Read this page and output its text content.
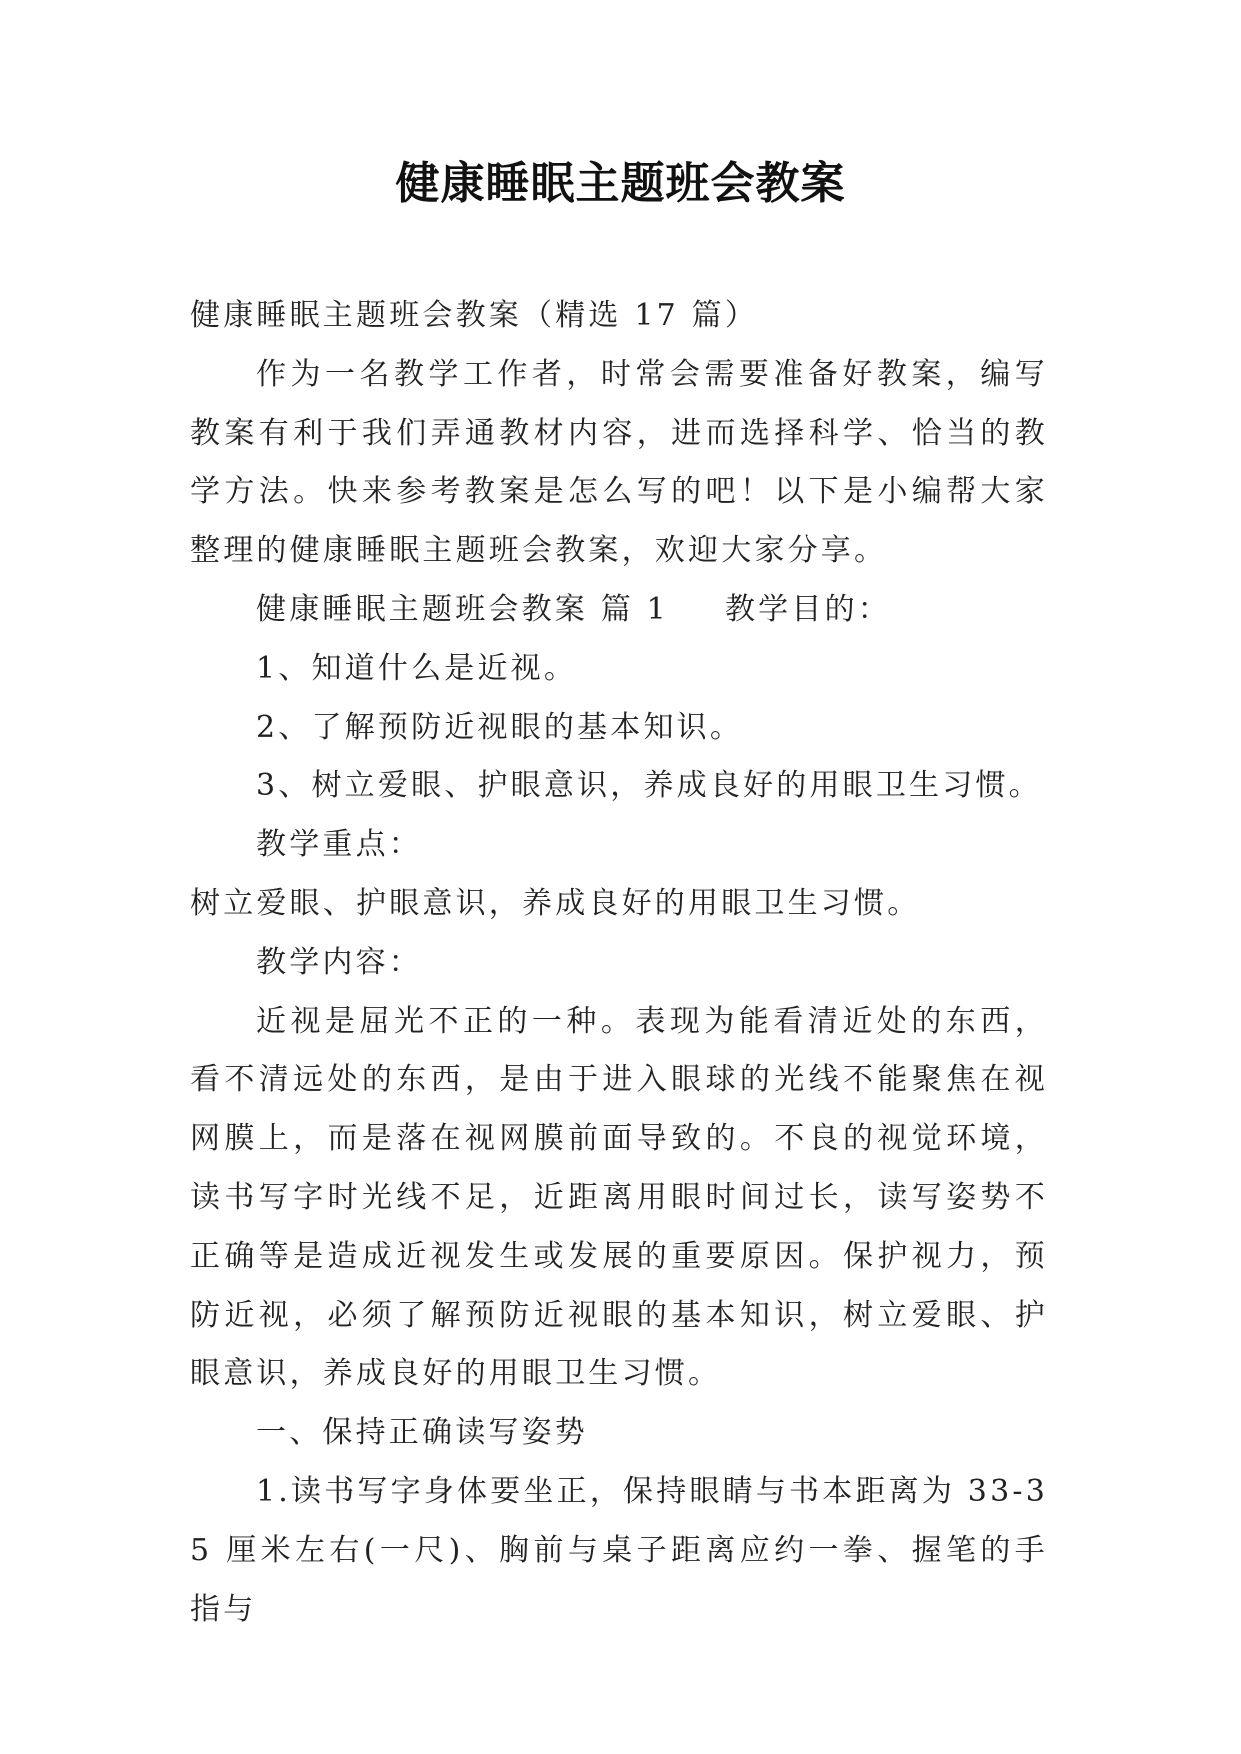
健康睡眠主题班会教案

健康睡眠主题班会教案（精选 17 篇）

作为一名教学工作者，时常会需要准备好教案，编写教案有利于我们弄通教材内容，进而选择科学、恰当的教学方法。快来参考教案是怎么写的吧！以下是小编帮大家整理的健康睡眠主题班会教案，欢迎大家分享。

健康睡眠主题班会教案 篇 1 教学目的：

1、知道什么是近视。

2、了解预防近视眼的基本知识。

3、树立爱眼、护眼意识，养成良好的用眼卫生习惯。

教学重点：

树立爱眼、护眼意识，养成良好的用眼卫生习惯。

教学内容：

近视是屈光不正的一种。表现为能看清近处的东西，看不清远处的东西，是由于进入眼球的光线不能聚焦在视网膜上，而是落在视网膜前面导致的。不良的视觉环境，读书写字时光线不足，近距离用眼时间过长，读写姿势不正确等是造成近视发生或发展的重要原因。保护视力，预防近视，必须了解预防近视眼的基本知识，树立爱眼、护眼意识，养成良好的用眼卫生习惯。

一、保持正确读写姿势

1.读书写字身体要坐正，保持眼睛与书本距离为 33-35 厘米左右(一尺)、胸前与桌子距离应约一拳、握笔的手指与
